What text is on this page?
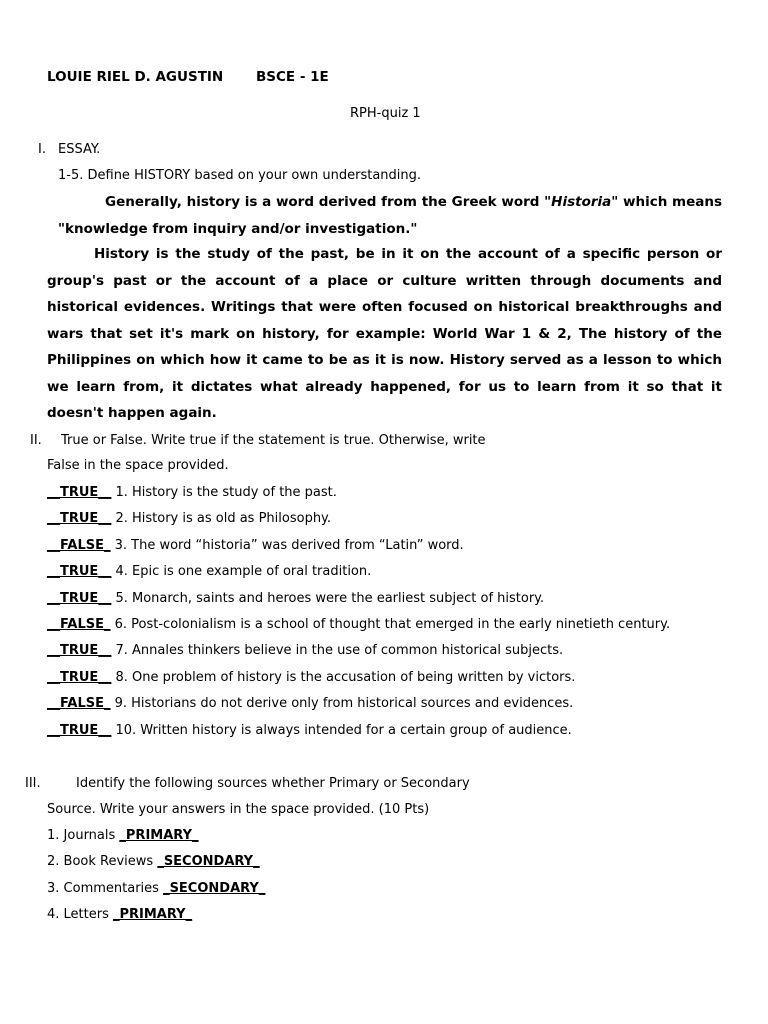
LOUIE RIEL D. AGUSTIN BSCE - 1E
RPH-quiz 1
I. ESSAY.
1-5. Define HISTORY based on your own understanding.
Generally, history is a word derived from the Greek word "Historia" which means "knowledge from inquiry and/or investigation."
History is the study of the past, be in it on the account of a specific person or group's past or the account of a place or culture written through documents and historical evidences. Writings that were often focused on historical breakthroughs and wars that set it's mark on history, for example: World War 1 & 2, The history of the Philippines on which how it came to be as it is now. History served as a lesson to which we learn from, it dictates what already happened, for us to learn from it so that it doesn't happen again.
II. True or False. Write true if the statement is true. Otherwise, write
False in the space provided.
__TRUE__ 1. History is the study of the past.
__TRUE__ 2. History is as old as Philosophy.
__FALSE_ 3. The word “historia” was derived from “Latin” word.
__TRUE__ 4. Epic is one example of oral tradition.
__TRUE__ 5. Monarch, saints and heroes were the earliest subject of history.
__FALSE_ 6. Post-colonialism is a school of thought that emerged in the early ninetieth century.
__TRUE__ 7. Annales thinkers believe in the use of common historical subjects.
__TRUE__ 8. One problem of history is the accusation of being written by victors.
__FALSE_ 9. Historians do not derive only from historical sources and evidences.
__TRUE__ 10. Written history is always intended for a certain group of audience.
III.	Identify the following sources whether Primary or Secondary
Source. Write your answers in the space provided. (10 Pts)
1. Journals _PRIMARY_
2. Book Reviews _SECONDARY_
3. Commentaries _SECONDARY_
4. Letters _PRIMARY_
